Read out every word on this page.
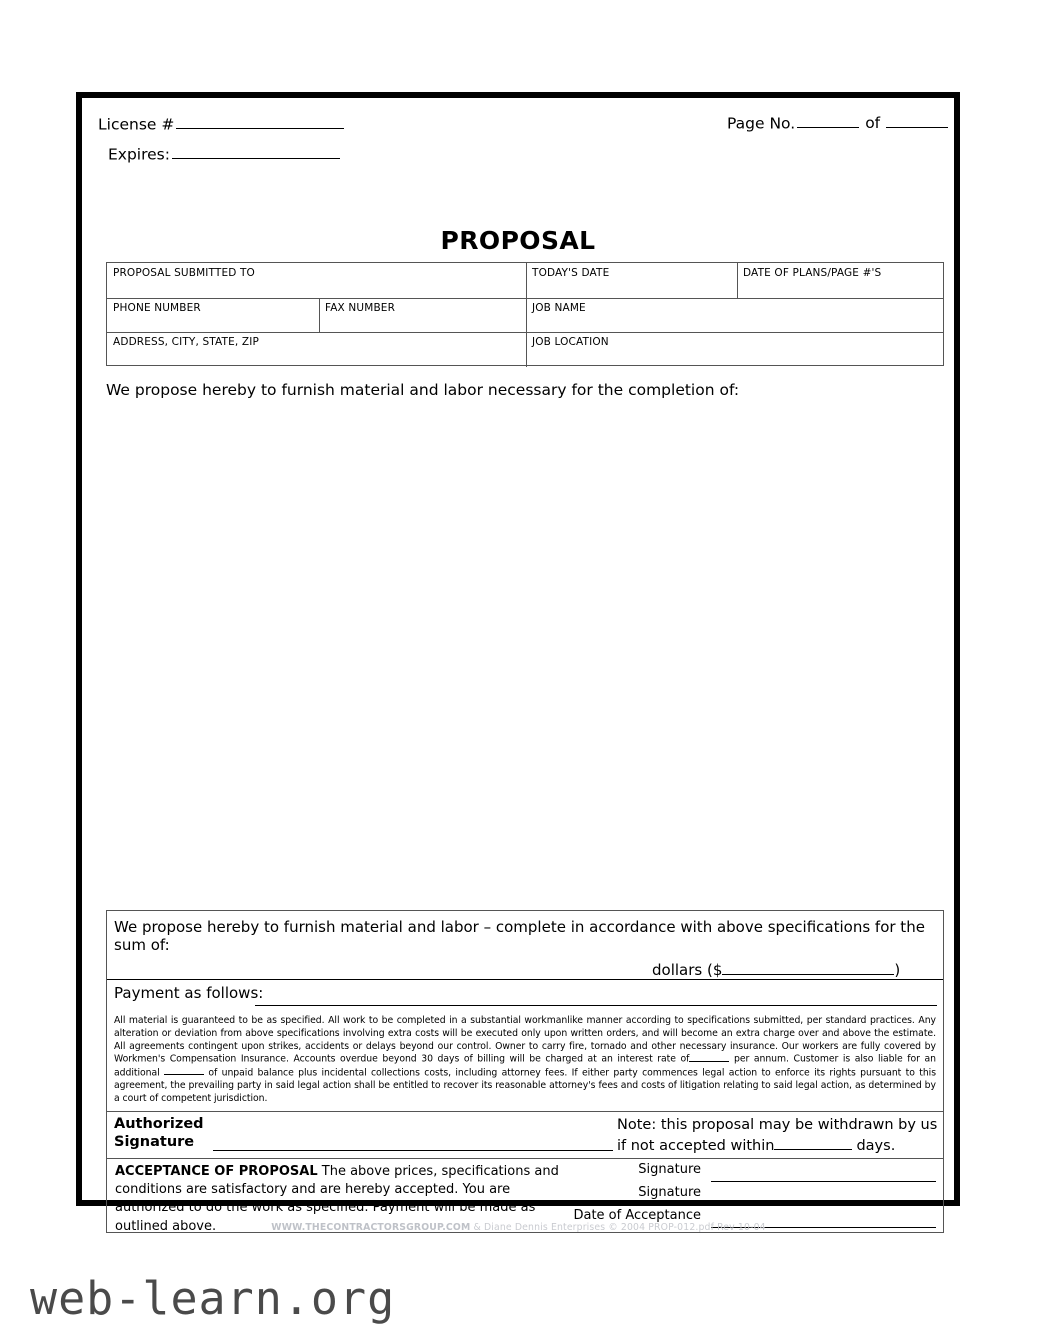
License #
Expires:
Page No.	of
PROPOSAL
PROPOSAL SUBMITTED TO	TODAY'S DATE	DATE OF PLANS/PAGE #'S
PHONE NUMBER	FAX NUMBER	JOB NAME
ADDRESS, CITY, STATE, ZIP	JOB LOCATION
We propose hereby to furnish material and labor necessary for the completion of:
We propose hereby to furnish material and labor – complete in accordance with above specifications for the sum of:
dollars ($	)
Payment as follows:
All material is guaranteed to be as specified. All work to be completed in a substantial workmanlike manner according to specifications submitted, per standard practices. Any alteration or deviation from above specifications involving extra costs will be executed only upon written orders, and will become an extra charge over and above the estimate. All agreements contingent upon strikes, accidents or delays beyond our control. Owner to carry fire, tornado and other necessary insurance. Our workers are fully covered by Workmen's Compensation Insurance. Accounts overdue beyond 30 days of billing will be charged at an interest rate of	per annum. Customer is also liable for an additional	of unpaid balance plus incidental collections costs, including attorney fees. If either party commences legal action to enforce its rights pursuant to this agreement, the prevailing party in said legal action shall be entitled to recover its reasonable attorney's fees and costs of litigation relating to said legal action, as determined by a court of competent jurisdiction.
Authorized
Signature
Note: this proposal may be withdrawn by us
if not accepted within	days.
ACCEPTANCE OF PROPOSAL The above prices, specifications and conditions are satisfactory and are hereby accepted. You are authorized to do the work as specified. Payment will be made as outlined above.
Signature
Signature
Date of Acceptance
WWW.THECONTRACTORSGROUP.COM & Diane Dennis Enterprises © 2004 PROP-012.pdf Rev 10-04
web-learn.org
